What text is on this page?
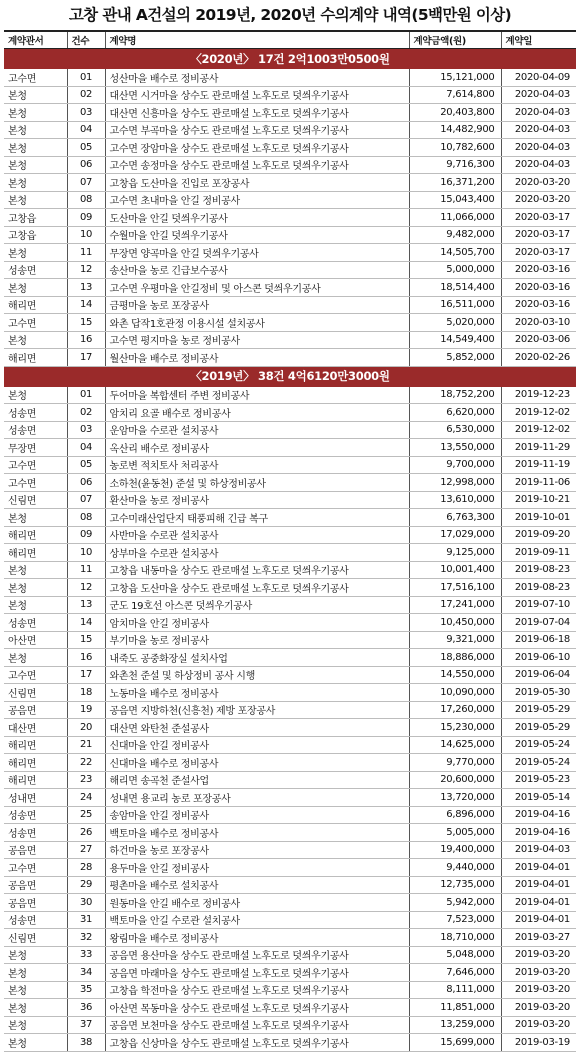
고창 관내 A건설의 2019년, 2020년 수의계약 내역(5백만원 이상)
계약관서	건수	계약명	계약금액(원)	계약일
〈2020년〉 17건 2억1003만0500원				
고수면	01	성산마을 배수로 정비공사	15,121,000	2020-04-09
본청	02	대산면 시거마을 상수도 관로매설 노후도로 덧씌우기공사	7,614,800	2020-04-03
본청	03	대산면 신흥마을 상수도 관로매설 노후도로 덧씌우기공사	20,403,800	2020-04-03
본청	04	고수면 부곡마을 상수도 관로매설 노후도로 덧씌우기공사	14,482,900	2020-04-03
본청	05	고수면 장암마을 상수도 관로매설 노후도로 덧씌우기공사	10,782,600	2020-04-03
본청	06	고수면 송정마을 상수도 관로매설 노후도로 덧씌우기공사	9,716,300	2020-04-03
본청	07	고창읍 도산마을 진입로 포장공사	16,371,200	2020-03-20
본청	08	고수면 초내마을 안길 정비공사	15,043,400	2020-03-20
고창읍	09	도산마을 안길 덧씌우기공사	11,066,000	2020-03-17
고창읍	10	수월마을 안길 덧씌우기공사	9,482,000	2020-03-17
본청	11	무장면 양곡마을 안길 덧씌우기공사	14,505,700	2020-03-17
성송면	12	송산마을 농로 긴급보수공사	5,000,000	2020-03-16
본청	13	고수면 우평마을 안길정비 및 아스콘 덧씌우기공사	18,514,400	2020-03-16
해리면	14	금평마을 농로 포장공사	16,511,000	2020-03-16
고수면	15	와촌 답작1호관정 이용시설 설치공사	5,020,000	2020-03-10
본청	16	고수면 평지마을 농로 정비공사	14,549,400	2020-03-06
해리면	17	월산마을 배수로 정비공사	5,852,000	2020-02-26
〈2019년〉 38건 4억6120만3000원				
본청	01	두어마을 복합센터 주변 정비공사	18,752,200	2019-12-23
성송면	02	암치리 요골 배수로 정비공사	6,620,000	2019-12-02
성송면	03	운암마을 수로관 설치공사	6,530,000	2019-12-02
무장면	04	옥산리 배수로 정비공사	13,550,000	2019-11-29
고수면	05	농로변 적치토사 처리공사	9,700,000	2019-11-19
고수면	06	소하천(윤동천) 준설 및 하상정비공사	12,998,000	2019-11-06
신림면	07	환산마을 농로 정비공사	13,610,000	2019-10-21
본청	08	고수미래산업단지 태풍피해 긴급 복구	6,763,300	2019-10-01
해리면	09	사반마을 수로관 설치공사	17,029,000	2019-09-20
해리면	10	상부마을 수로관 설치공사	9,125,000	2019-09-11
본청	11	고창읍 내동마을 상수도 관로매설 노후도로 덧씌우기공사	10,001,400	2019-08-23
본청	12	고창읍 도산마을 상수도 관로매설 노후도로 덧씌우기공사	17,516,100	2019-08-23
본청	13	군도 19호선 아스콘 덧씌우기공사	17,241,000	2019-07-10
성송면	14	암치마을 안길 정비공사	10,450,000	2019-07-04
아산면	15	부기마을 농로 정비공사	9,321,000	2019-06-18
본청	16	내죽도 공중화장실 설치사업	18,886,000	2019-06-10
고수면	17	와촌천 준설 및 하상정비 공사 시행	14,550,000	2019-06-04
신림면	18	노동마을 배수로 정비공사	10,090,000	2019-05-30
공음면	19	공음면 지방하천(신흥천) 제방 포장공사	17,260,000	2019-05-29
대산면	20	대산면 와탄천 준설공사	15,230,000	2019-05-29
해리면	21	신대마을 안길 정비공사	14,625,000	2019-05-24
해리면	22	신대마을 배수로 정비공사	9,770,000	2019-05-24
해리면	23	해리면 송곡천 준설사업	20,600,000	2019-05-23
성내면	24	성내면 용교리 농로 포장공사	13,720,000	2019-05-14
성송면	25	송암마을 안길 정비공사	6,896,000	2019-04-16
성송면	26	백토마을 배수로 정비공사	5,005,000	2019-04-16
공음면	27	하건마을 농로 포장공사	19,400,000	2019-04-03
고수면	28	용두마을 안길 정비공사	9,440,000	2019-04-01
공음면	29	평촌마을 배수로 설치공사	12,735,000	2019-04-01
공음면	30	원동마을 안길 배수로 정비공사	5,942,000	2019-04-01
성송면	31	백토마을 안길 수로관 설치공사	7,523,000	2019-04-01
신림면	32	왕림마을 배수로 정비공사	18,710,000	2019-03-27
본청	33	공음면 용산마을 상수도 관로매설 노후도로 덧씌우기공사	5,048,000	2019-03-20
본청	34	공음면 마래마을 상수도 관로매설 노후도로 덧씌우기공사	7,646,000	2019-03-20
본청	35	고창읍 학전마을 상수도 관로매설 노후도로 덧씌우기공사	8,111,000	2019-03-20
본청	36	아산면 목동마을 상수도 관로매설 노후도로 덧씌우기공사	11,851,000	2019-03-20
본청	37	공음면 보천마을 상수도 관로매설 노후도로 덧씌우기공사	13,259,000	2019-03-20
본청	38	고창읍 신상마을 상수도 관로매설 노후도로 덧씌우기공사	15,699,000	2019-03-19
